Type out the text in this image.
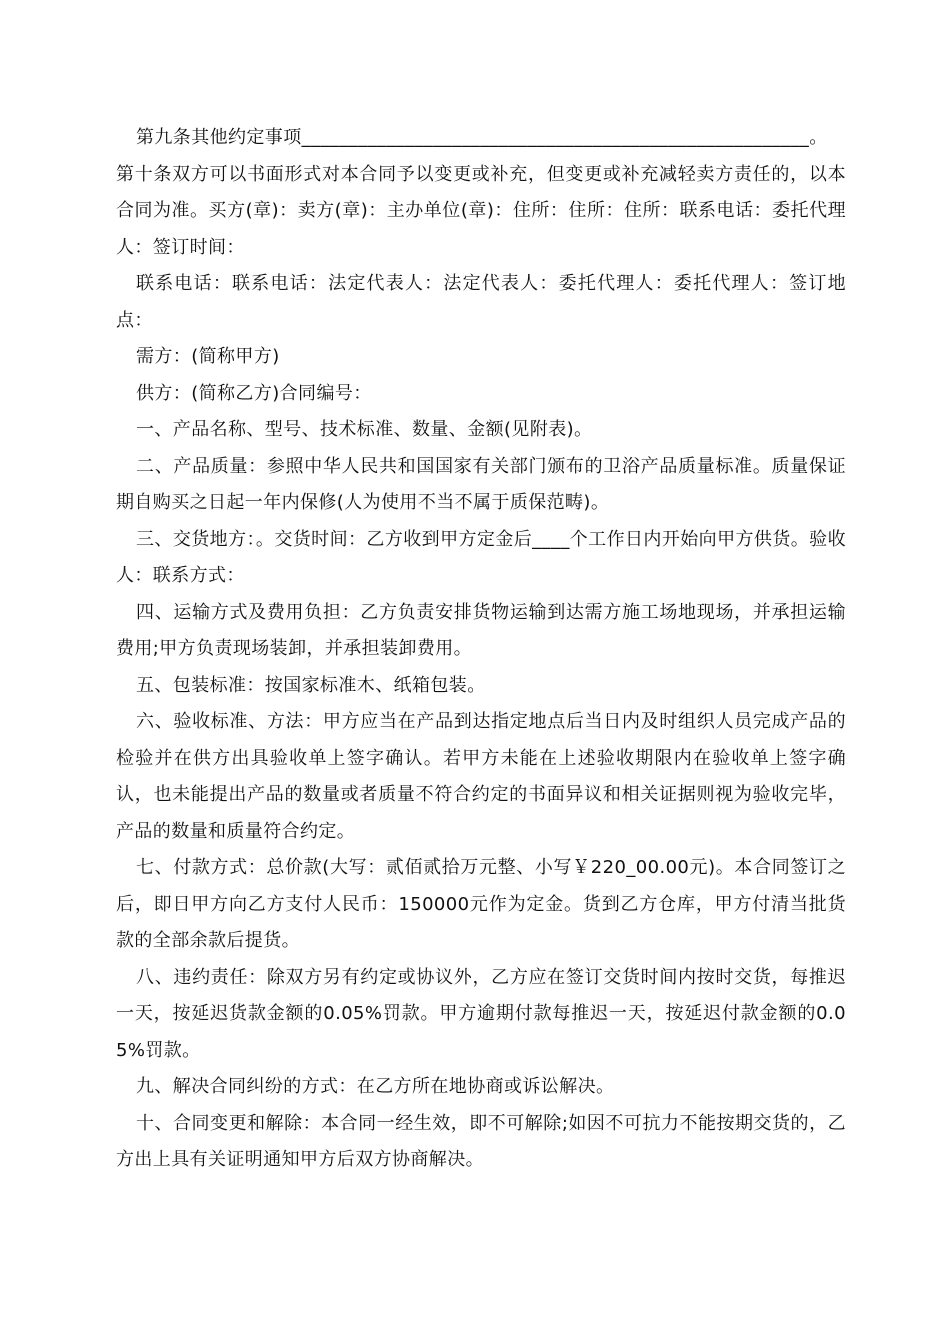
第九条其他约定事项______________________________________________________。

第十条双方可以书面形式对本合同予以变更或补充，但变更或补充减轻卖方责任的，以本合同为准。买方(章)：卖方(章)：主办单位(章)：住所：住所：住所：联系电话：委托代理人：签订时间：

联系电话：联系电话：法定代表人：法定代表人：委托代理人：委托代理人：签订地点：

需方：(简称甲方)

供方：(简称乙方)合同编号：

一、产品名称、型号、技术标准、数量、金额(见附表)。

二、产品质量：参照中华人民共和国国家有关部门颁布的卫浴产品质量标准。质量保证期自购买之日起一年内保修(人为使用不当不属于质保范畴)。

三、交货地方：。交货时间：乙方收到甲方定金后____个工作日内开始向甲方供货。验收人：联系方式：

四、运输方式及费用负担：乙方负责安排货物运输到达需方施工场地现场，并承担运输费用;甲方负责现场装卸，并承担装卸费用。

五、包装标准：按国家标准木、纸箱包装。

六、验收标准、方法：甲方应当在产品到达指定地点后当日内及时组织人员完成产品的检验并在供方出具验收单上签字确认。若甲方未能在上述验收期限内在验收单上签字确认，也未能提出产品的数量或者质量不符合约定的书面异议和相关证据则视为验收完毕，产品的数量和质量符合约定。

七、付款方式：总价款(大写：贰佰贰拾万元整、小写￥220_00.00元)。本合同签订之后，即日甲方向乙方支付人民币：150000元作为定金。货到乙方仓库，甲方付清当批货款的全部余款后提货。

八、违约责任：除双方另有约定或协议外，乙方应在签订交货时间内按时交货，每推迟一天，按延迟货款金额的0.05%罚款。甲方逾期付款每推迟一天，按延迟付款金额的0.05%罚款。

九、解决合同纠纷的方式：在乙方所在地协商或诉讼解决。

十、合同变更和解除：本合同一经生效，即不可解除;如因不可抗力不能按期交货的，乙方出上具有关证明通知甲方后双方协商解决。
